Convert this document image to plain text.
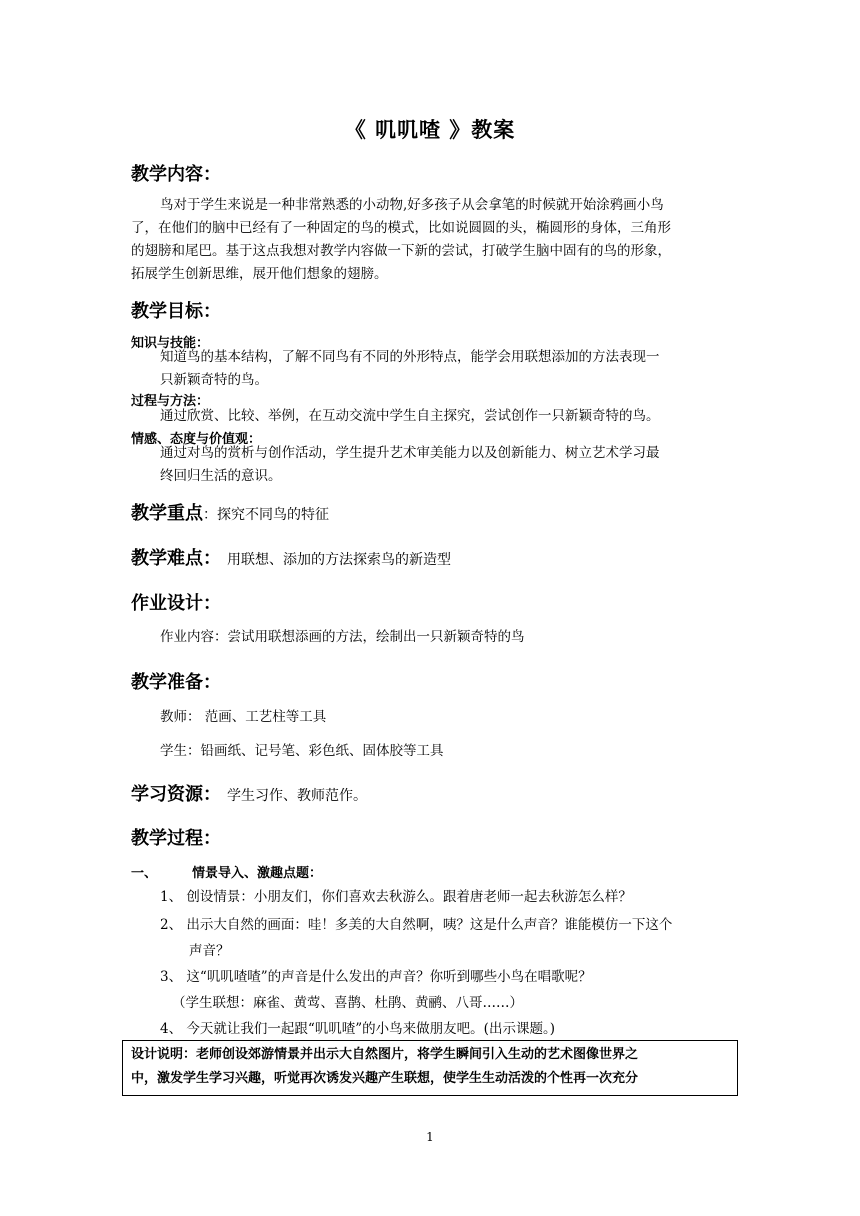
《 叽叽喳 》教案
教学内容：
鸟对于学生来说是一种非常熟悉的小动物,好多孩子从会拿笔的时候就开始涂鸦画小鸟
了，在他们的脑中已经有了一种固定的鸟的模式，比如说圆圆的头，椭圆形的身体，三角形
的翅膀和尾巴。基于这点我想对教学内容做一下新的尝试，打破学生脑中固有的鸟的形象，
拓展学生创新思维，展开他们想象的翅膀。
教学目标：
知识与技能：
知道鸟的基本结构，了解不同鸟有不同的外形特点，能学会用联想添加的方法表现一
只新颖奇特的鸟。
过程与方法：
通过欣赏、比较、举例，在互动交流中学生自主探究，尝试创作一只新颖奇特的鸟。
情感、态度与价值观：
通过对鸟的赏析与创作活动，学生提升艺术审美能力以及创新能力、树立艺术学习最
终回归生活的意识。
教学重点：探究不同鸟的特征
教学难点： 用联想、添加的方法探索鸟的新造型
作业设计：
作业内容：尝试用联想添画的方法，绘制出一只新颖奇特的鸟
教学准备：
教师： 范画、工艺柱等工具
学生：铅画纸、记号笔、彩色纸、固体胶等工具
学习资源： 学生习作、教师范作。
教学过程：
一、	情景导入、激趣点题：
1、 创设情景：小朋友们，你们喜欢去秋游么。跟着唐老师一起去秋游怎么样？
2、 出示大自然的画面：哇！多美的大自然啊，咦？这是什么声音？谁能模仿一下这个
声音？
3、 这“叽叽喳喳”的声音是什么发出的声音？你听到哪些小鸟在唱歌呢？
（学生联想：麻雀、黄莺、喜鹊、杜鹃、黄鹂、八哥……）
4、 今天就让我们一起跟“叽叽喳”的小鸟来做朋友吧。(出示课题。)
设计说明：老师创设郊游情景并出示大自然图片，将学生瞬间引入生动的艺术图像世界之
中，激发学生学习兴趣，听觉再次诱发兴趣产生联想，使学生生动活泼的个性再一次充分
1
